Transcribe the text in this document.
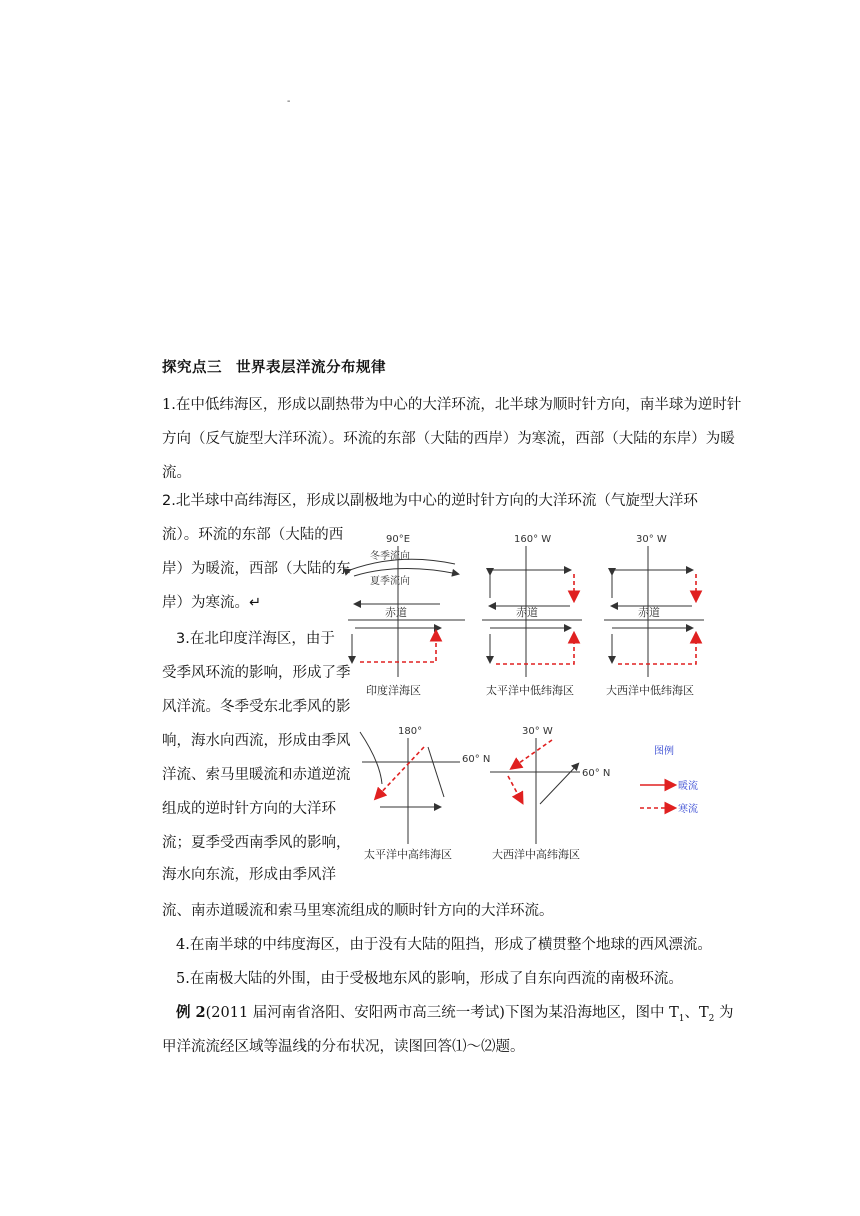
-
探究点三 世界表层洋流分布规律

1.在中低纬海区，形成以副热带为中心的大洋环流，北半球为顺时针方向，南半球为逆时针方向（反气旋型大洋环流）。环流的东部（大陆的西岸）为寒流，西部（大陆的东岸）为暖流。

2.北半球中高纬海区，形成以副极地为中心的逆时针方向的大洋环流（气旋型大洋环
流）。环流的东部（大陆的西
岸）为暖流，西部（大陆的东
岸）为寒流。↵
3.在北印度洋海区，由于
受季风环流的影响，形成了季
风洋流。冬季受东北季风的影
响，海水向西流，形成由季风
洋流、索马里暖流和赤道逆流
组成的逆时针方向的大洋环
流；夏季受西南季风的影响，
海水向东流，形成由季风洋

流、南赤道暖流和索马里寒流组成的顺时针方向的大洋环流。

4.在南半球的中纬度海区，由于没有大陆的阻挡，形成了横贯整个地球的西风漂流。

5.在南极大陆的外围，由于受极地东风的影响，形成了自东向西流的南极环流。

例 2(2011 届河南省洛阳、安阳两市高三统一考试)下图为某沿海地区，图中 $T_1$、$T_2$ 为

甲洋流流经区域等温线的分布状况，读图回答⑴～⑵题。

90°E
冬季流向
夏季流向
赤道
印度洋海区
160° W
赤道
太平洋中低纬海区
30° W
赤道
大西洋中低纬海区
180°
60° N
太平洋中高纬海区
30° W
60° N
大西洋中高纬海区
图例
暖流
寒流
